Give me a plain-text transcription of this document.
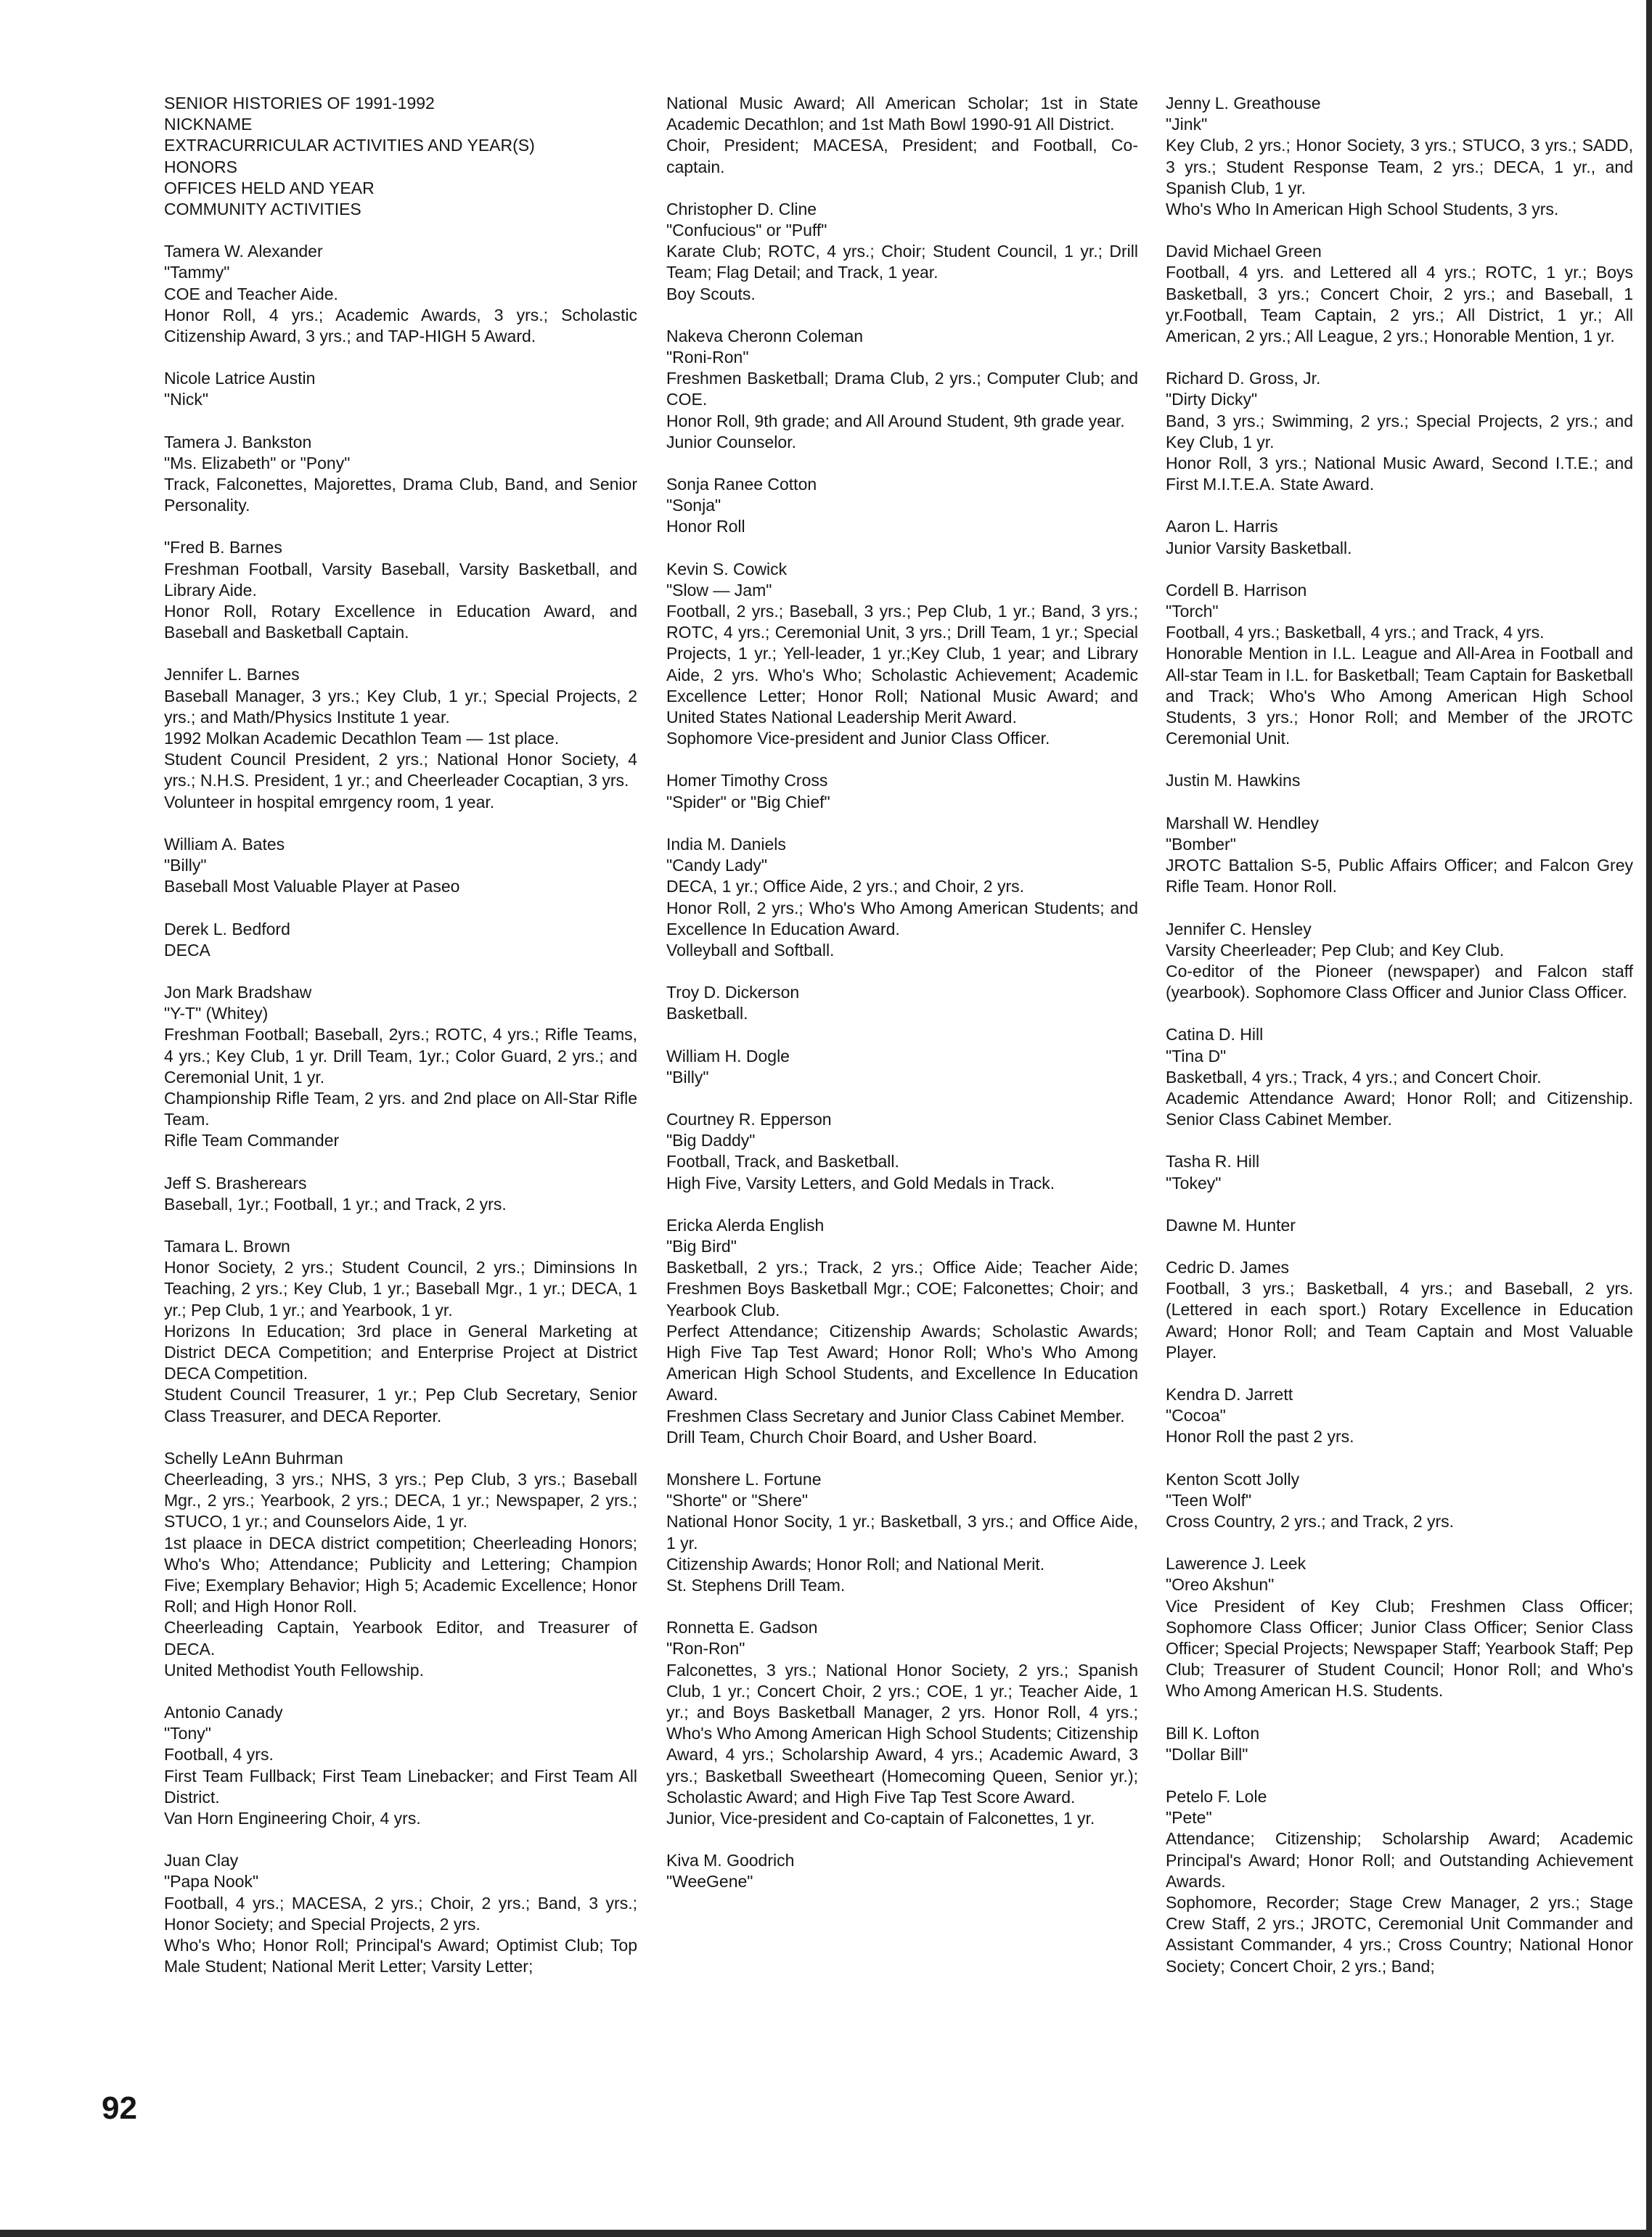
SENIOR HISTORIES OF 1991-1992
NICKNAME
EXTRACURRICULAR ACTIVITIES AND YEAR(S)
HONORS
OFFICES HELD AND YEAR
COMMUNITY ACTIVITIES
Tamera W. Alexander
"Tammy"
COE and Teacher Aide.
Honor Roll, 4 yrs.; Academic Awards, 3 yrs.; Scholastic Citizenship Award, 3 yrs.; and TAP-HIGH 5 Award.
Nicole Latrice Austin
"Nick"
Tamera J. Bankston
"Ms. Elizabeth" or "Pony"
Track, Falconettes, Majorettes, Drama Club, Band, and Senior Personality.
"Fred B. Barnes
Freshman Football, Varsity Baseball, Varsity Basketball, and Library Aide.
Honor Roll, Rotary Excellence in Education Award, and Baseball and Basketball Captain.
Jennifer L. Barnes
Baseball Manager, 3 yrs.; Key Club, 1 yr.; Special Projects, 2 yrs.; and Math/Physics Institute 1 year.
1992 Molkan Academic Decathlon Team — 1st place.
Student Council President, 2 yrs.; National Honor Society, 4 yrs.; N.H.S. President, 1 yr.; and Cheerleader Cocaptian, 3 yrs.
Volunteer in hospital emrgency room, 1 year.
William A. Bates
"Billy"
Baseball Most Valuable Player at Paseo
Derek L. Bedford
DECA
Jon Mark Bradshaw
"Y-T" (Whitey)
Freshman Football; Baseball, 2yrs.; ROTC, 4 yrs.; Rifle Teams, 4 yrs.; Key Club, 1 yr. Drill Team, 1yr.; Color Guard, 2 yrs.; and Ceremonial Unit, 1 yr.
Championship Rifle Team, 2 yrs. and 2nd place on All-Star Rifle Team.
Rifle Team Commander
Jeff S. Brasherears
Baseball, 1yr.; Football, 1 yr.; and Track, 2 yrs.
Tamara L. Brown
Honor Society, 2 yrs.; Student Council, 2 yrs.; Diminsions In Teaching, 2 yrs.; Key Club, 1 yr.; Baseball Mgr., 1 yr.; DECA, 1 yr.; Pep Club, 1 yr.; and Yearbook, 1 yr.
Horizons In Education; 3rd place in General Marketing at District DECA Competition; and Enterprise Project at District DECA Competition.
Student Council Treasurer, 1 yr.; Pep Club Secretary, Senior Class Treasurer, and DECA Reporter.
Schelly LeAnn Buhrman
Cheerleading, 3 yrs.; NHS, 3 yrs.; Pep Club, 3 yrs.; Baseball Mgr., 2 yrs.; Yearbook, 2 yrs.; DECA, 1 yr.; Newspaper, 2 yrs.; STUCO, 1 yr.; and Counselors Aide, 1 yr.
1st plaace in DECA district competition; Cheerleading Honors; Who's Who; Attendance; Publicity and Lettering; Champion Five; Exemplary Behavior; High 5; Academic Excellence; Honor Roll; and High Honor Roll.
Cheerleading Captain, Yearbook Editor, and Treasurer of DECA.
United Methodist Youth Fellowship.
Antonio Canady
"Tony"
Football, 4 yrs.
First Team Fullback; First Team Linebacker; and First Team All District.
Van Horn Engineering Choir, 4 yrs.
Juan Clay
"Papa Nook"
Football, 4 yrs.; MACESA, 2 yrs.; Choir, 2 yrs.; Band, 3 yrs.; Honor Society; and Special Projects, 2 yrs.
Who's Who; Honor Roll; Principal's Award; Optimist Club; Top Male Student; National Merit Letter; Varsity Letter;
National Music Award; All American Scholar; 1st in State Academic Decathlon; and 1st Math Bowl 1990-91 All District.
Choir, President; MACESA, President; and Football, Co-captain.
Christopher D. Cline
"Confucious" or "Puff"
Karate Club; ROTC, 4 yrs.; Choir; Student Council, 1 yr.; Drill Team; Flag Detail; and Track, 1 year.
Boy Scouts.
Nakeva Cheronn Coleman
"Roni-Ron"
Freshmen Basketball; Drama Club, 2 yrs.; Computer Club; and COE.
Honor Roll, 9th grade; and All Around Student, 9th grade year.
Junior Counselor.
Sonja Ranee Cotton
"Sonja"
Honor Roll
Kevin S. Cowick
"Slow — Jam"
Football, 2 yrs.; Baseball, 3 yrs.; Pep Club, 1 yr.; Band, 3 yrs.; ROTC, 4 yrs.; Ceremonial Unit, 3 yrs.; Drill Team, 1 yr.; Special Projects, 1 yr.; Yell-leader, 1 yr.;Key Club, 1 year; and Library Aide, 2 yrs. Who's Who; Scholastic Achievement; Academic Excellence Letter; Honor Roll; National Music Award; and United States National Leadership Merit Award.
Sophomore Vice-president and Junior Class Officer.
Homer Timothy Cross
"Spider" or "Big Chief"
India M. Daniels
"Candy Lady"
DECA, 1 yr.; Office Aide, 2 yrs.; and Choir, 2 yrs.
Honor Roll, 2 yrs.; Who's Who Among American Students; and Excellence In Education Award.
Volleyball and Softball.
Troy D. Dickerson
Basketball.
William H. Dogle
"Billy"
Courtney R. Epperson
"Big Daddy"
Football, Track, and Basketball.
High Five, Varsity Letters, and Gold Medals in Track.
Ericka Alerda English
"Big Bird"
Basketball, 2 yrs.; Track, 2 yrs.; Office Aide; Teacher Aide; Freshmen Boys Basketball Mgr.; COE; Falconettes; Choir; and Yearbook Club.
Perfect Attendance; Citizenship Awards; Scholastic Awards; High Five Tap Test Award; Honor Roll; Who's Who Among American High School Students, and Excellence In Education Award.
Freshmen Class Secretary and Junior Class Cabinet Member.
Drill Team, Church Choir Board, and Usher Board.
Monshere L. Fortune
"Shorte" or "Shere"
National Honor Socity, 1 yr.; Basketball, 3 yrs.; and Office Aide, 1 yr.
Citizenship Awards; Honor Roll; and National Merit.
St. Stephens Drill Team.
Ronnetta E. Gadson
"Ron-Ron"
Falconettes, 3 yrs.; National Honor Society, 2 yrs.; Spanish Club, 1 yr.; Concert Choir, 2 yrs.; COE, 1 yr.; Teacher Aide, 1 yr.; and Boys Basketball Manager, 2 yrs. Honor Roll, 4 yrs.; Who's Who Among American High School Students; Citizenship Award, 4 yrs.; Scholarship Award, 4 yrs.; Academic Award, 3 yrs.; Basketball Sweetheart (Homecoming Queen, Senior yr.); Scholastic Award; and High Five Tap Test Score Award.
Junior, Vice-president and Co-captain of Falconettes, 1 yr.
Kiva M. Goodrich
"WeeGene"
Jenny L. Greathouse
"Jink"
Key Club, 2 yrs.; Honor Society, 3 yrs.; STUCO, 3 yrs.; SADD, 3 yrs.; Student Response Team, 2 yrs.; DECA, 1 yr., and Spanish Club, 1 yr.
Who's Who In American High School Students, 3 yrs.
David Michael Green
Football, 4 yrs. and Lettered all 4 yrs.; ROTC, 1 yr.; Boys Basketball, 3 yrs.; Concert Choir, 2 yrs.; and Baseball, 1 yr.Football, Team Captain, 2 yrs.; All District, 1 yr.; All American, 2 yrs.; All League, 2 yrs.; Honorable Mention, 1 yr.
Richard D. Gross, Jr.
"Dirty Dicky"
Band, 3 yrs.; Swimming, 2 yrs.; Special Projects, 2 yrs.; and Key Club, 1 yr.
Honor Roll, 3 yrs.; National Music Award, Second I.T.E.; and First M.I.T.E.A. State Award.
Aaron L. Harris
Junior Varsity Basketball.
Cordell B. Harrison
"Torch"
Football, 4 yrs.; Basketball, 4 yrs.; and Track, 4 yrs.
Honorable Mention in I.L. League and All-Area in Football and All-star Team in I.L. for Basketball; Team Captain for Basketball and Track; Who's Who Among American High School Students, 3 yrs.; Honor Roll; and Member of the JROTC Ceremonial Unit.
Justin M. Hawkins
Marshall W. Hendley
"Bomber"
JROTC Battalion S-5, Public Affairs Officer; and Falcon Grey Rifle Team. Honor Roll.
Jennifer C. Hensley
Varsity Cheerleader; Pep Club; and Key Club.
Co-editor of the Pioneer (newspaper) and Falcon staff (yearbook). Sophomore Class Officer and Junior Class Officer.
Catina D. Hill
"Tina D"
Basketball, 4 yrs.; Track, 4 yrs.; and Concert Choir.
Academic Attendance Award; Honor Roll; and Citizenship. Senior Class Cabinet Member.
Tasha R. Hill
"Tokey"
Dawne M. Hunter
Cedric D. James
Football, 3 yrs.; Basketball, 4 yrs.; and Baseball, 2 yrs. (Lettered in each sport.) Rotary Excellence in Education Award; Honor Roll; and Team Captain and Most Valuable Player.
Kendra D. Jarrett
"Cocoa"
Honor Roll the past 2 yrs.
Kenton Scott Jolly
"Teen Wolf"
Cross Country, 2 yrs.; and Track, 2 yrs.
Lawerence J. Leek
"Oreo Akshun"
Vice President of Key Club; Freshmen Class Officer; Sophomore Class Officer; Junior Class Officer; Senior Class Officer; Special Projects; Newspaper Staff; Yearbook Staff; Pep Club; Treasurer of Student Council; Honor Roll; and Who's Who Among American H.S. Students.
Bill K. Lofton
"Dollar Bill"
Petelo F. Lole
"Pete"
Attendance; Citizenship; Scholarship Award; Academic Principal's Award; Honor Roll; and Outstanding Achievement Awards.
Sophomore, Recorder; Stage Crew Manager, 2 yrs.; Stage Crew Staff, 2 yrs.; JROTC, Ceremonial Unit Commander and Assistant Commander, 4 yrs.; Cross Country; National Honor Society; Concert Choir, 2 yrs.; Band;
92
